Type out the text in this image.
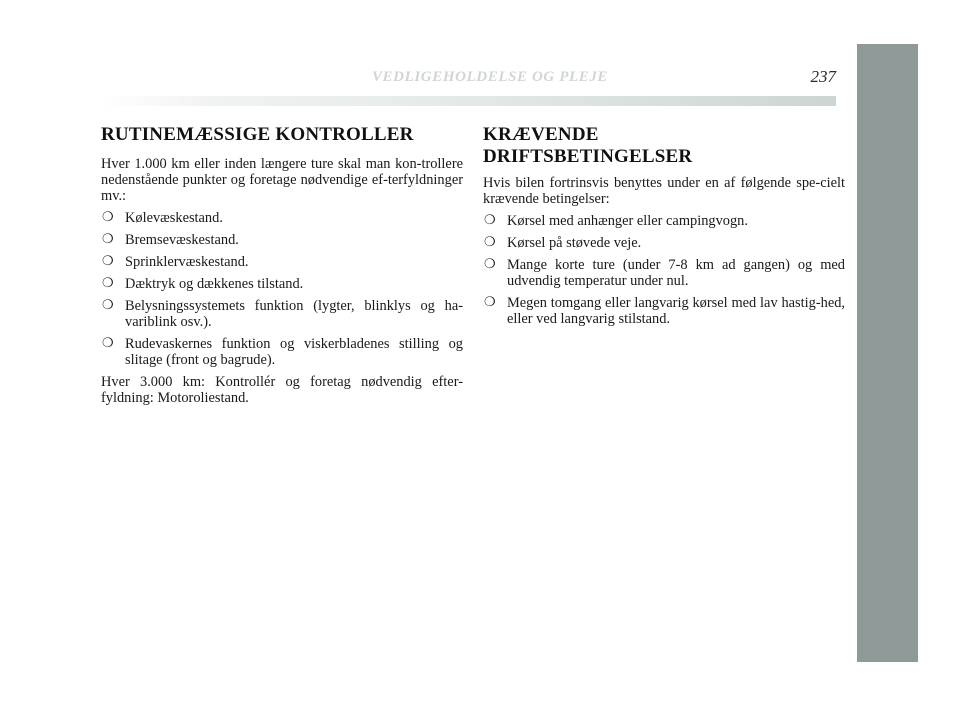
VEDLIGEHOLDELSE OG PLEJE	237
RUTINEMÆSSIGE KONTROLLER

Hver 1.000 km eller inden længere ture skal man kon-trollere nedenstående punkter og foretage nødvendige ef-terfyldninger mv.:

❍ Kølevæskestand.
❍ Bremsevæskestand.
❍ Sprinklervæskestand.
❍ Dæktryk og dækkenes tilstand.
❍ Belysningssystemets funktion (lygter, blinklys og ha-variblink osv.).
❍ Rudevaskernes funktion og viskerbladenes stilling og slitage (front og bagrude).

Hver 3.000 km: Kontrollér og foretag nødvendig efter-fyldning: Motoroliestand.

KRÆVENDE
DRIFTSBETINGELSER

Hvis bilen fortrinsvis benyttes under en af følgende spe-cielt krævende betingelser:

❍ Kørsel med anhænger eller campingvogn.
❍ Kørsel på støvede veje.
❍ Mange korte ture (under 7-8 km ad gangen) og med udvendig temperatur under nul.
❍ Megen tomgang eller langvarig kørsel med lav hastig-hed, eller ved langvarig stilstand.
